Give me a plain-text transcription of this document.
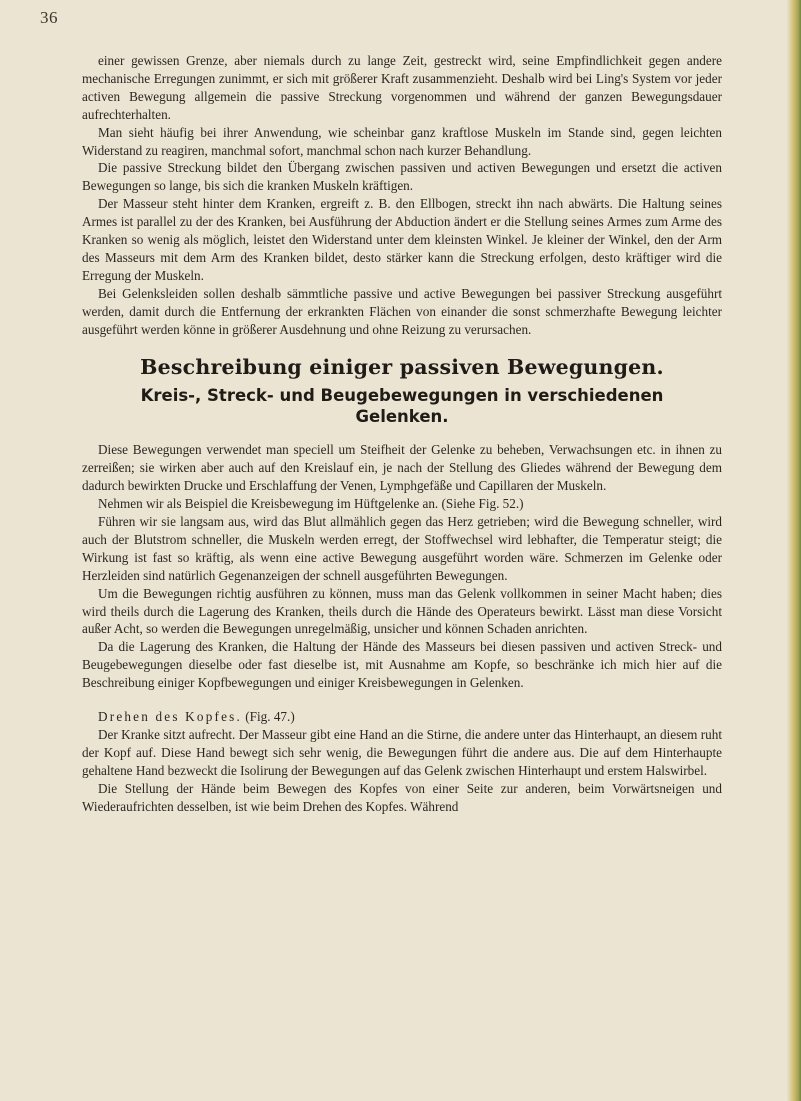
36

einer gewissen Grenze, aber niemals durch zu lange Zeit, gestreckt wird, seine Empfindlichkeit gegen andere mechanische Erregungen zunimmt, er sich mit größerer Kraft zusammenzieht. Deshalb wird bei Ling's System vor jeder activen Bewegung allgemein die passive Streckung vorgenommen und während der ganzen Bewegungsdauer aufrechterhalten.

Man sieht häufig bei ihrer Anwendung, wie scheinbar ganz kraftlose Muskeln im Stande sind, gegen leichten Widerstand zu reagiren, manchmal sofort, manchmal schon nach kurzer Behandlung.

Die passive Streckung bildet den Übergang zwischen passiven und activen Bewegungen und ersetzt die activen Bewegungen so lange, bis sich die kranken Muskeln kräftigen.

Der Masseur steht hinter dem Kranken, ergreift z. B. den Ellbogen, streckt ihn nach abwärts. Die Haltung seines Armes ist parallel zu der des Kranken, bei Ausführung der Abduction ändert er die Stellung seines Armes zum Arme des Kranken so wenig als möglich, leistet den Widerstand unter dem kleinsten Winkel. Je kleiner der Winkel, den der Arm des Masseurs mit dem Arm des Kranken bildet, desto stärker kann die Streckung erfolgen, desto kräftiger wird die Erregung der Muskeln.

Bei Gelenksleiden sollen deshalb sämmtliche passive und active Bewegungen bei passiver Streckung ausgeführt werden, damit durch die Entfernung der erkrankten Flächen von einander die sonst schmerzhafte Bewegung leichter ausgeführt werden könne in größerer Ausdehnung und ohne Reizung zu verursachen.

Beschreibung einiger passiven Bewegungen.
Kreis-, Streck- und Beugebewegungen in verschiedenen
Gelenken.

Diese Bewegungen verwendet man speciell um Steifheit der Gelenke zu beheben, Verwachsungen etc. in ihnen zu zerreißen; sie wirken aber auch auf den Kreislauf ein, je nach der Stellung des Gliedes während der Bewegung dem dadurch bewirkten Drucke und Erschlaffung der Venen, Lymphgefäße und Capillaren der Muskeln.

Nehmen wir als Beispiel die Kreisbewegung im Hüftgelenke an. (Siehe Fig. 52.)

Führen wir sie langsam aus, wird das Blut allmählich gegen das Herz getrieben; wird die Bewegung schneller, wird auch der Blutstrom schneller, die Muskeln werden erregt, der Stoffwechsel wird lebhafter, die Temperatur steigt; die Wirkung ist fast so kräftig, als wenn eine active Bewegung ausgeführt worden wäre. Schmerzen im Gelenke oder Herzleiden sind natürlich Gegenanzeigen der schnell ausgeführten Bewegungen.

Um die Bewegungen richtig ausführen zu können, muss man das Gelenk vollkommen in seiner Macht haben; dies wird theils durch die Lagerung des Kranken, theils durch die Hände des Operateurs bewirkt. Lässt man diese Vorsicht außer Acht, so werden die Bewegungen unregelmäßig, unsicher und können Schaden anrichten.

Da die Lagerung des Kranken, die Haltung der Hände des Masseurs bei diesen passiven und activen Streck- und Beugebewegungen dieselbe oder fast dieselbe ist, mit Ausnahme am Kopfe, so beschränke ich mich hier auf die Beschreibung einiger Kopfbewegungen und einiger Kreisbewegungen in Gelenken.

Drehen des Kopfes. (Fig. 47.)

Der Kranke sitzt aufrecht. Der Masseur gibt eine Hand an die Stirne, die andere unter das Hinterhaupt, an diesem ruht der Kopf auf. Diese Hand bewegt sich sehr wenig, die Bewegungen führt die andere aus. Die auf dem Hinterhaupte gehaltene Hand bezweckt die Isolirung der Bewegungen auf das Gelenk zwischen Hinterhaupt und erstem Halswirbel.

Die Stellung der Hände beim Bewegen des Kopfes von einer Seite zur anderen, beim Vorwärtsneigen und Wiederaufrichten desselben, ist wie beim Drehen des Kopfes. Während
